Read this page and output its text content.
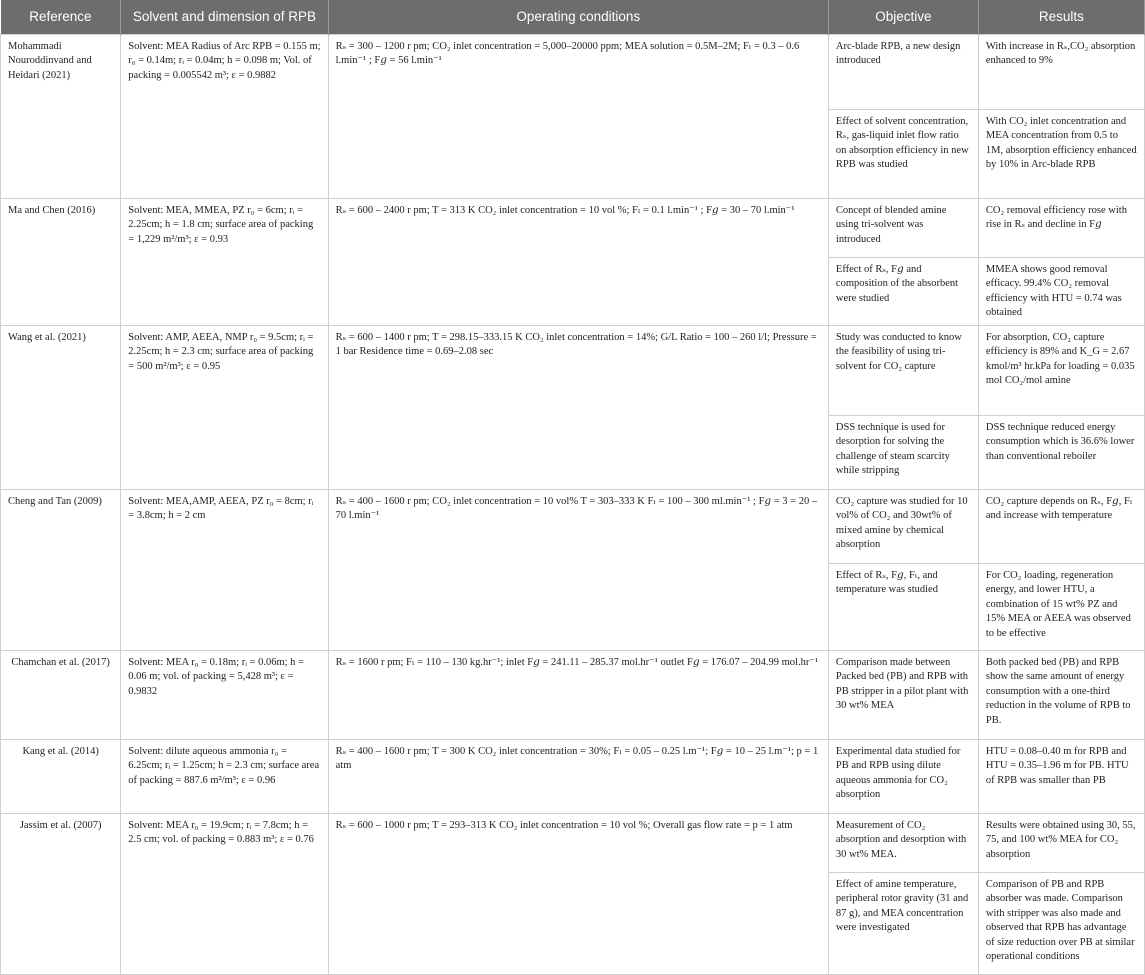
Reference	Solvent and dimension of RPB	Operating conditions	Objective	Results
Mohammadi Nouroddinvand and Heidari (2021)	Solvent: MEA Radius of Arc RPB = 0.155 m; r₀ = 0.14m; rᵢ = 0.04m; h = 0.098 m; Vol. of packing = 0.005542 m³; ε = 0.9882	Rₛ = 300 – 1200 r pm; CO₂ inlet concentration = 5,000–20000 ppm; MEA solution = 0.5M–2M; Fₗ = 0.3 – 0.6 l.min⁻¹ ; F𝑔 = 56 l.min⁻¹	Arc-blade RPB, a new design introduced	With increase in Rₛ,CO₂ absorption enhanced to 9%
			Effect of solvent concentration, Rₛ, gas-liquid inlet flow ratio on absorption efficiency in new RPB was studied	With CO₂ inlet concentration and MEA concentration from 0.5 to 1M, absorption efficiency enhanced by 10% in Arc-blade RPB
Ma and Chen (2016)	Solvent: MEA, MMEA, PZ r₀ = 6cm; rᵢ = 2.25cm; h = 1.8 cm; surface area of packing = 1,229 m²/m³; ε = 0.93	Rₛ = 600 – 2400 r pm; T = 313 K CO₂ inlet concentration = 10 vol %; Fₗ = 0.1 l.min⁻¹ ; F𝑔 = 30 – 70 l.min⁻¹	Concept of blended amine using tri-solvent was introduced	CO₂ removal efficiency rose with rise in Rₛ and decline in F𝑔
			Effect of Rₛ, F𝑔 and composition of the absorbent were studied	MMEA shows good removal efficacy. 99.4% CO₂ removal efficiency with HTU = 0.74 was obtained
Wang et al. (2021)	Solvent: AMP, AEEA, NMP r₀ = 9.5cm; rᵢ = 2.25cm; h = 2.3 cm; surface area of packing = 500 m²/m³; ε = 0.95	Rₛ = 600 – 1400 r pm; T = 298.15–333.15 K CO₂ inlet concentration = 14%; G/L Ratio = 100 – 260 l/l; Pressure = 1 bar Residence time = 0.69–2.08 sec	Study was conducted to know the feasibility of using tri-solvent for CO₂ capture	For absorption, CO₂ capture efficiency is 89% and K_G = 2.67 kmol/m³ hr.kPa for loading = 0.035 mol CO₂/mol amine
			DSS technique is used for desorption for solving the challenge of steam scarcity while stripping	DSS technique reduced energy consumption which is 36.6% lower than conventional reboiler
Cheng and Tan (2009)	Solvent: MEA,AMP, AEEA, PZ r₀ = 8cm; rᵢ = 3.8cm; h = 2 cm	Rₛ = 400 – 1600 r pm; CO₂ inlet concentration = 10 vol% T = 303–333 K Fₗ = 100 – 300 ml.min⁻¹ ; F𝑔 = 3 = 20 – 70 l.min⁻¹	CO₂ capture was studied for 10 vol% of CO₂ and 30wt% of mixed amine by chemical absorption	CO₂ capture depends on Rₛ, F𝑔, Fₗ and increase with temperature
			Effect of Rₛ, F𝑔, Fₗ, and temperature was studied	For CO₂ loading, regeneration energy, and lower HTU, a combination of 15 wt% PZ and 15% MEA or AEEA was observed to be effective
Chamchan et al. (2017)	Solvent: MEA r₀ = 0.18m; rᵢ = 0.06m; h = 0.06 m; vol. of packing = 5,428 m³; ε = 0.9832	Rₛ = 1600 r pm; Fₗ = 110 – 130 kg.hr⁻¹; inlet F𝑔 = 241.11 – 285.37 mol.hr⁻¹ outlet F𝑔 = 176.07 – 204.99 mol.hr⁻¹	Comparison made between Packed bed (PB) and RPB with PB stripper in a pilot plant with 30 wt% MEA	Both packed bed (PB) and RPB show the same amount of energy consumption with a one-third reduction in the volume of RPB to PB.
Kang et al. (2014)	Solvent: dilute aqueous ammonia r₀ = 6.25cm; rᵢ = 1.25cm; h = 2.3 cm; surface area of packing = 887.6 m²/m³; ε = 0.96	Rₛ = 400 – 1600 r pm; T = 300 K CO₂ inlet concentration = 30%; Fₗ = 0.05 – 0.25 l.m⁻¹; F𝑔 = 10 – 25 l.m⁻¹; p = 1 atm	Experimental data studied for PB and RPB using dilute aqueous ammonia for CO₂ absorption	HTU = 0.08–0.40 m for RPB and HTU = 0.35–1.96 m for PB. HTU of RPB was smaller than PB
Jassim et al. (2007)	Solvent: MEA r₀ = 19.9cm; rᵢ = 7.8cm; h = 2.5 cm; vol. of packing = 0.883 m³; ε = 0.76	Rₛ = 600 – 1000 r pm; T = 293–313 K CO₂ inlet concentration = 10 vol %; Overall gas flow rate = p = 1 atm	Measurement of CO₂ absorption and desorption with 30 wt% MEA.	Results were obtained using 30, 55, 75, and 100 wt% MEA for CO₂ absorption
			Effect of amine temperature, peripheral rotor gravity (31 and 87 g), and MEA concentration were investigated	Comparison of PB and RPB absorber was made. Comparison with stripper was also made and observed that RPB has advantage of size reduction over PB at similar operational conditions
